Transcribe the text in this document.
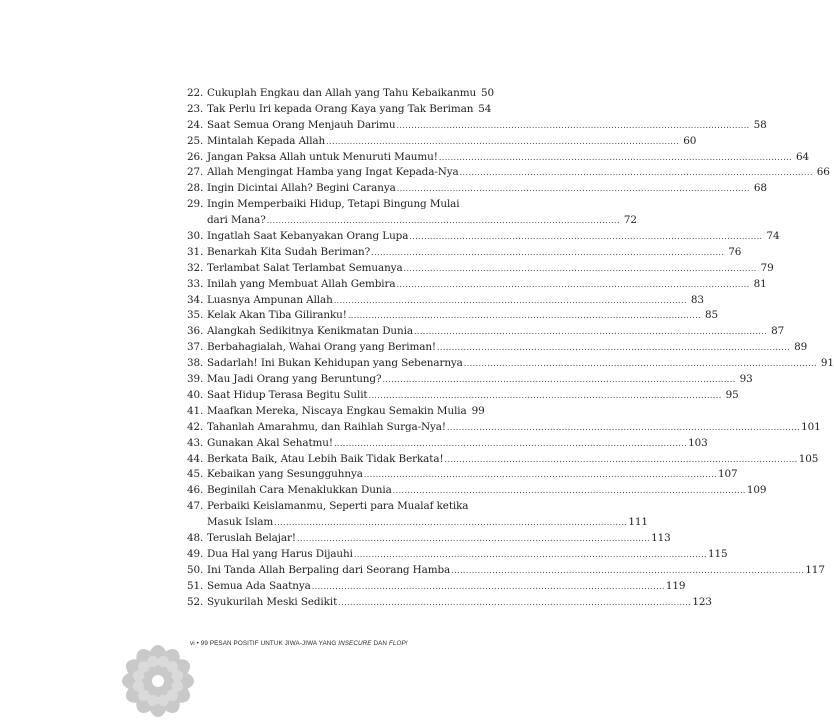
22. Cukuplah Engkau dan Allah yang Tahu Kebaikanmu 50
23. Tak Perlu Iri kepada Orang Kaya yang Tak Beriman 54
24. Saat Semua Orang Menjauh Darimu ........................................................................................................................ 58
25. Mintalah Kepada Allah ........................................................................................................................ 60
26. Jangan Paksa Allah untuk Menuruti Maumu! ........................................................................................................................ 64
27. Allah Mengingat Hamba yang Ingat Kepada-Nya ........................................................................................................................ 66
28. Ingin Dicintai Allah? Begini Caranya ........................................................................................................................ 68
29. Ingin Memperbaiki Hidup, Tetapi Bingung Mulai
dari Mana? ........................................................................................................................ 72
30. Ingatlah Saat Kebanyakan Orang Lupa ........................................................................................................................ 74
31. Benarkah Kita Sudah Beriman? ........................................................................................................................ 76
32. Terlambat Salat Terlambat Semuanya ........................................................................................................................ 79
33. Inilah yang Membuat Allah Gembira ........................................................................................................................ 81
34. Luasnya Ampunan Allah ........................................................................................................................ 83
35. Kelak Akan Tiba Giliranku! ........................................................................................................................ 85
36. Alangkah Sedikitnya Kenikmatan Dunia ........................................................................................................................ 87
37. Berbahagialah, Wahai Orang yang Beriman! ........................................................................................................................ 89
38. Sadarlah! Ini Bukan Kehidupan yang Sebenarnya ........................................................................................................................ 91
39. Mau Jadi Orang yang Beruntung? ........................................................................................................................ 93
40. Saat Hidup Terasa Begitu Sulit ........................................................................................................................ 95
41. Maafkan Mereka, Niscaya Engkau Semakin Mulia 99
42. Tahanlah Amarahmu, dan Raihlah Surga-Nya! ........................................................................................................................ 101
43. Gunakan Akal Sehatmu! ........................................................................................................................ 103
44. Berkata Baik, Atau Lebih Baik Tidak Berkata! ........................................................................................................................ 105
45. Kebaikan yang Sesungguhnya ........................................................................................................................ 107
46. Beginilah Cara Menaklukkan Dunia ........................................................................................................................ 109
47. Perbaiki Keislamanmu, Seperti para Mualaf ketika
Masuk Islam ........................................................................................................................ 111
48. Teruslah Belajar! ........................................................................................................................ 113
49. Dua Hal yang Harus Dijauhi ........................................................................................................................ 115
50. Ini Tanda Allah Berpaling dari Seorang Hamba ........................................................................................................................ 117
51. Semua Ada Saatnya ........................................................................................................................ 119
52. Syukurilah Meski Sedikit ........................................................................................................................ 123
vi • 99 PESAN POSITIF UNTUK JIWA-JIWA YANG INSECURE DAN FLOP!
